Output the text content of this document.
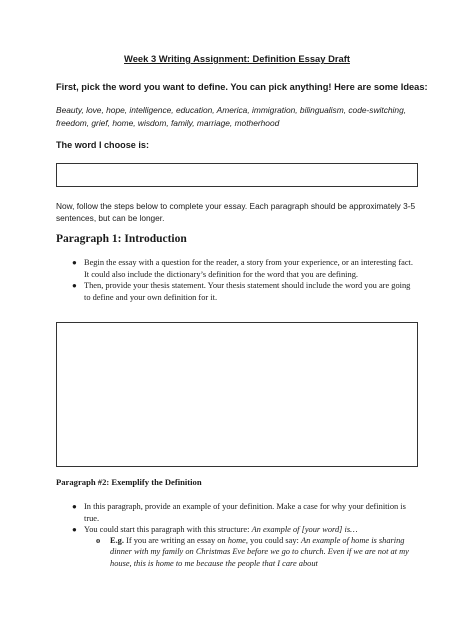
Week 3 Writing Assignment: Definition Essay Draft
First, pick the word you want to define. You can pick anything! Here are some Ideas:
Beauty, love, hope, intelligence, education, America, immigration, bilingualism, code-switching, freedom, grief, home, wisdom, family, marriage, motherhood
The word I choose is:
Now, follow the steps below to complete your essay. Each paragraph should be approximately 3-5 sentences, but can be longer.
Paragraph 1: Introduction
● Begin the essay with a question for the reader, a story from your experience, or an interesting fact. It could also include the dictionary’s definition for the word that you are defining.
● Then, provide your thesis statement. Your thesis statement should include the word you are going to define and your own definition for it.
Paragraph #2: Exemplify the Definition
● In this paragraph, provide an example of your definition. Make a case for why your definition is true.
● You could start this paragraph with this structure: An example of [your word] is…
o E.g. If you are writing an essay on home, you could say: An example of home is sharing dinner with my family on Christmas Eve before we go to church. Even if we are not at my house, this is home to me because the people that I care about
